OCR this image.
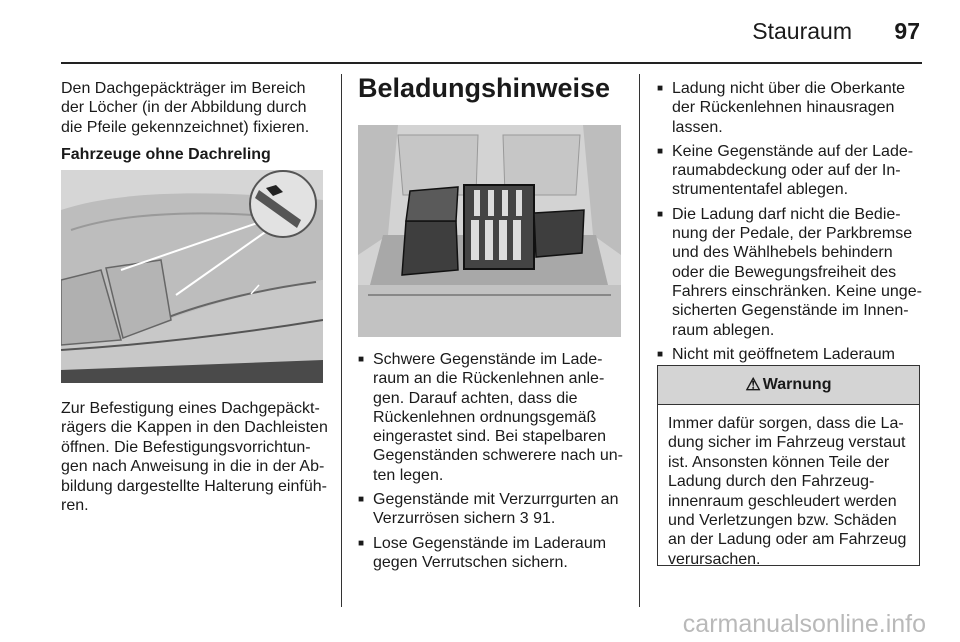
Stauraum 97

Den Dachgepäckträger im Bereich der Löcher (in der Abbildung durch die Pfeile gekennzeichnet) fixieren.

Fahrzeuge ohne Dachreling

Zur Befestigung eines Dachgepäckträgers die Kappen in den Dachleisten öffnen. Die Befestigungsvorrichtungen nach Anweisung in die in der Abbildung dargestellte Halterung einführen.

Beladungshinweise
■ Schwere Gegenstände im Laderaum an die Rückenlehnen anlegen. Darauf achten, dass die Rückenlehnen ordnungsgemäß eingerastet sind. Bei stapelbaren Gegenständen schwerere nach unten legen.
■ Gegenstände mit Verzurrgurten an Verzurrösen sichern 3 91.
■ Lose Gegenstände im Laderaum gegen Verrutschen sichern.
■ Ladung nicht über die Oberkante der Rückenlehnen hinausragen lassen.
■ Keine Gegenstände auf der Laderaumabdeckung oder auf der Instrumententafel ablegen.
■ Die Ladung darf nicht die Bedienung der Pedale, der Parkbremse und des Wählhebels behindern oder die Bewegungsfreiheit des Fahrers einschränken. Keine ungesicherten Gegenstände im Innenraum ablegen.
■ Nicht mit geöffnetem Laderaum
⚠ Warnung
Immer dafür sorgen, dass die Ladung sicher im Fahrzeug verstaut ist. Ansonsten können Teile der Ladung durch den Fahrzeuginnenraum geschleudert werden und Verletzungen bzw. Schäden an der Ladung oder am Fahrzeug verursachen.
carmanualsonline.info
